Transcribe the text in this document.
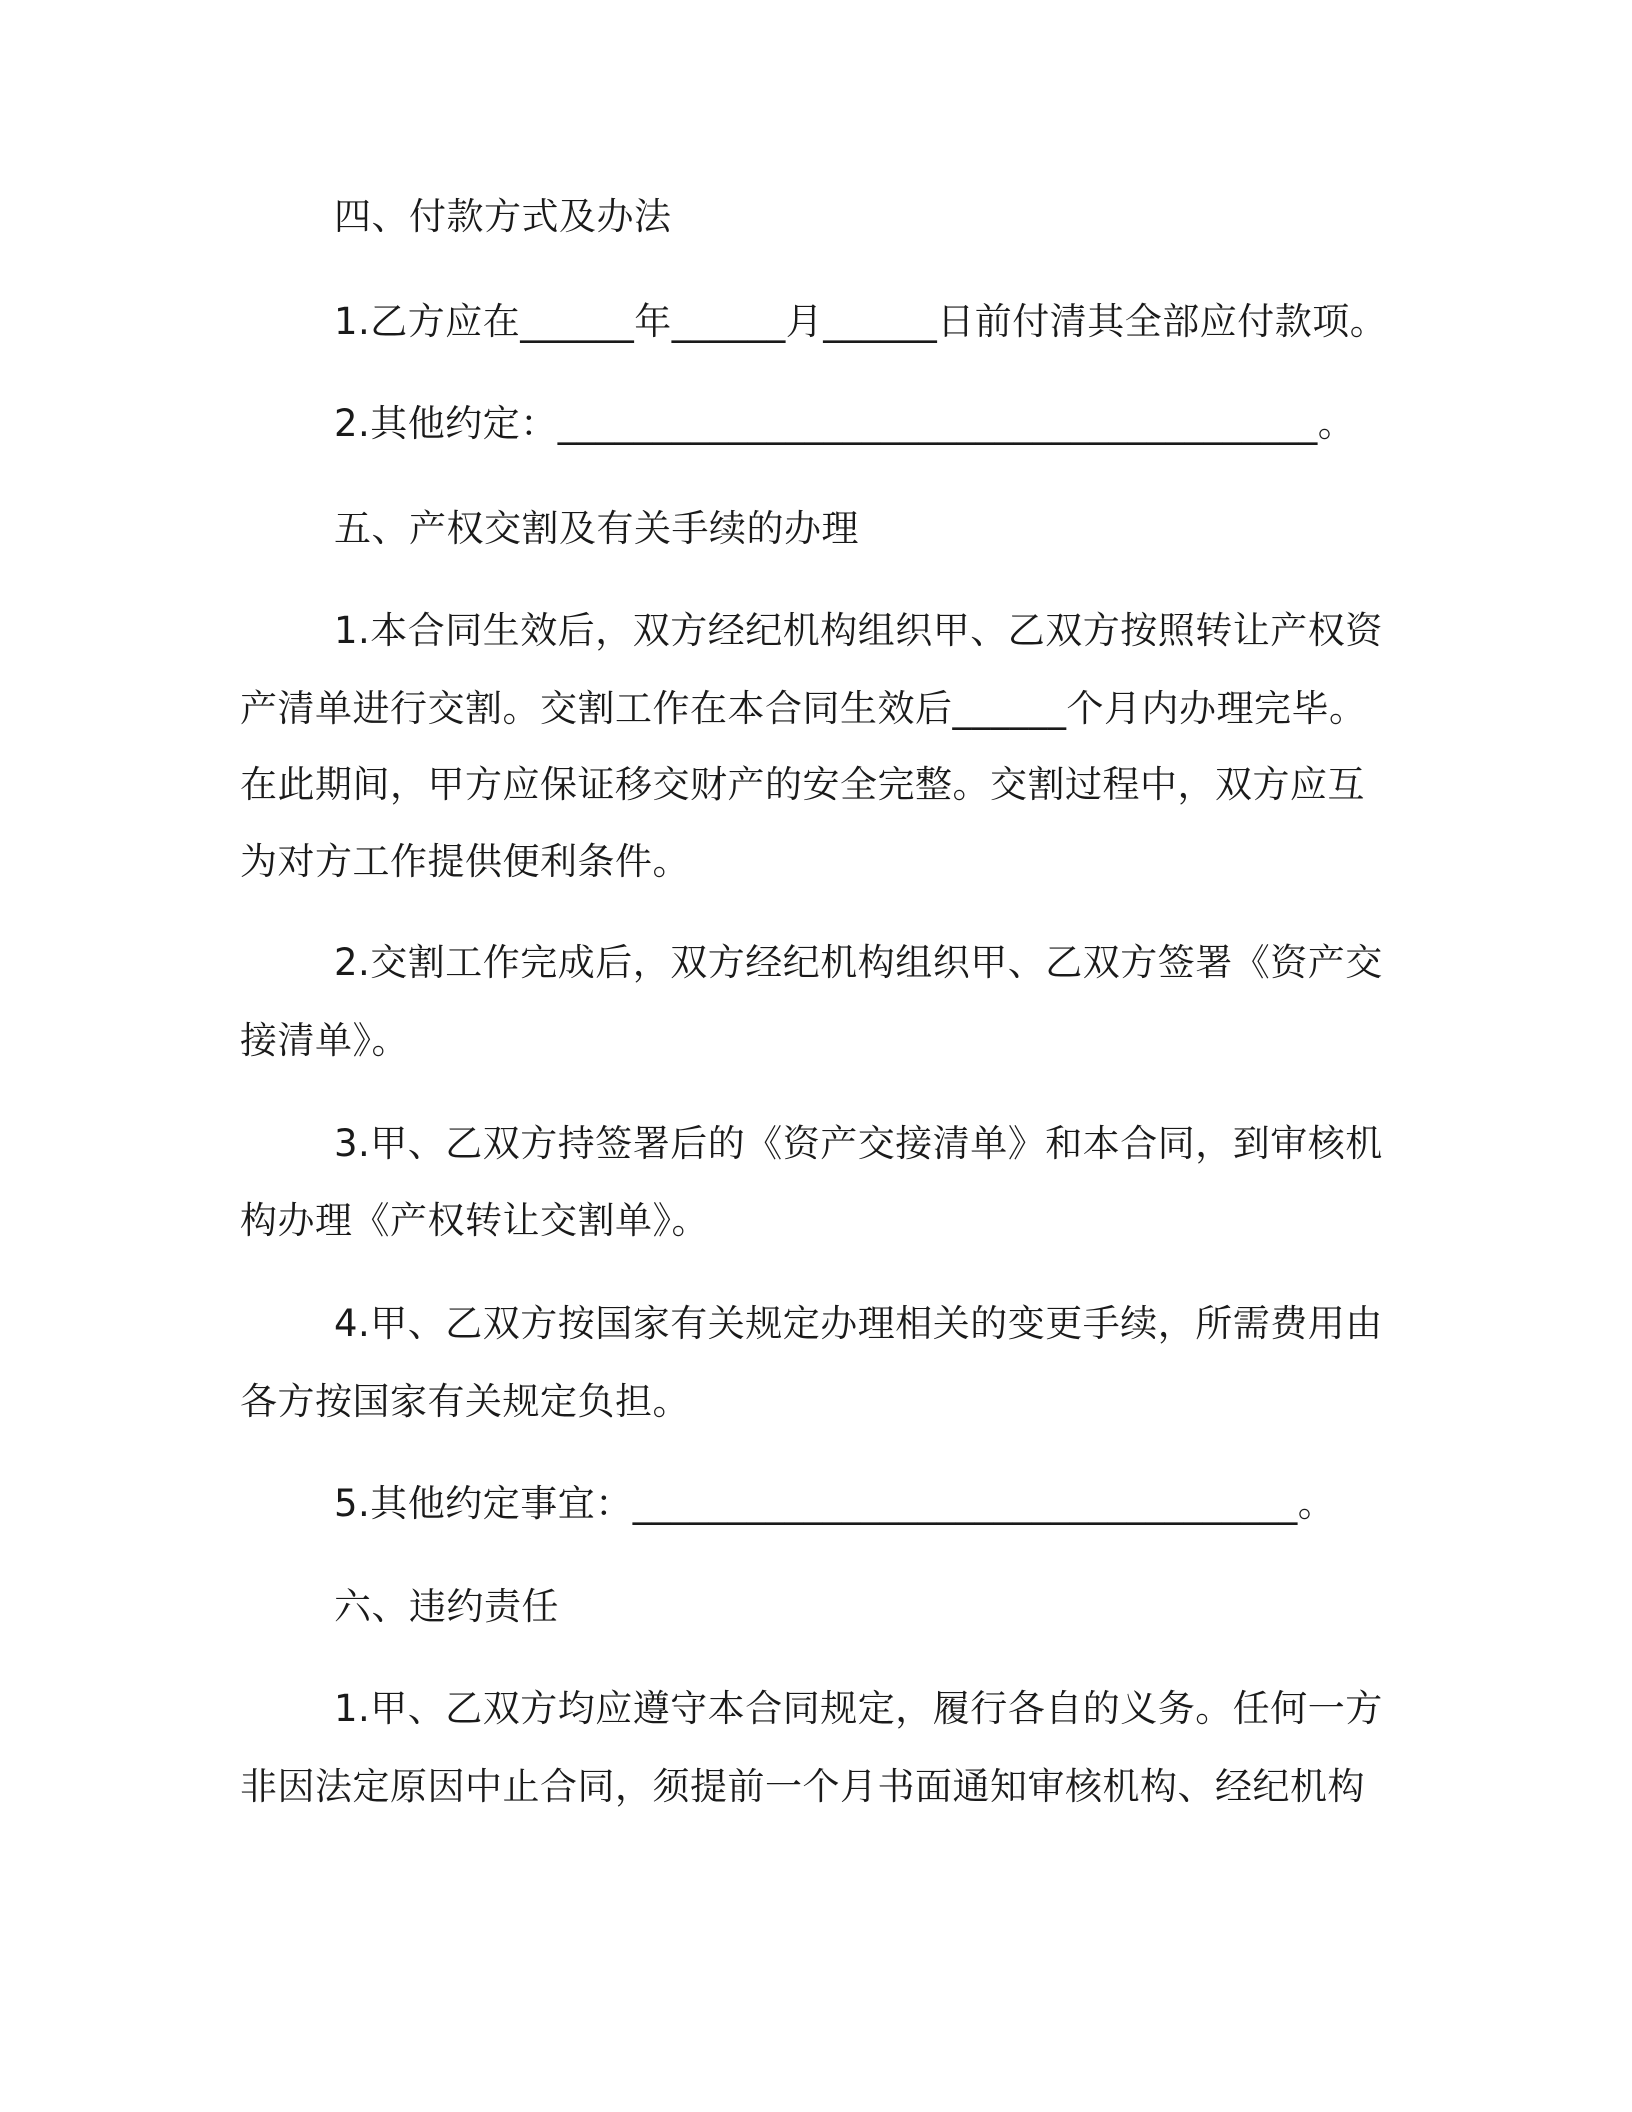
四、付款方式及办法
1.乙方应在______年______月______日前付清其全部应付款项。
2.其他约定：________________________________________。
五、产权交割及有关手续的办理
1.本合同生效后，双方经纪机构组织甲、乙双方按照转让产权资
产清单进行交割。交割工作在本合同生效后______个月内办理完毕。
在此期间，甲方应保证移交财产的安全完整。交割过程中，双方应互
为对方工作提供便利条件。
2.交割工作完成后，双方经纪机构组织甲、乙双方签署《资产交
接清单》。
3.甲、乙双方持签署后的《资产交接清单》和本合同，到审核机
构办理《产权转让交割单》。
4.甲、乙双方按国家有关规定办理相关的变更手续，所需费用由
各方按国家有关规定负担。
5.其他约定事宜：___________________________________。
六、违约责任
1.甲、乙双方均应遵守本合同规定，履行各自的义务。任何一方
非因法定原因中止合同，须提前一个月书面通知审核机构、经纪机构
